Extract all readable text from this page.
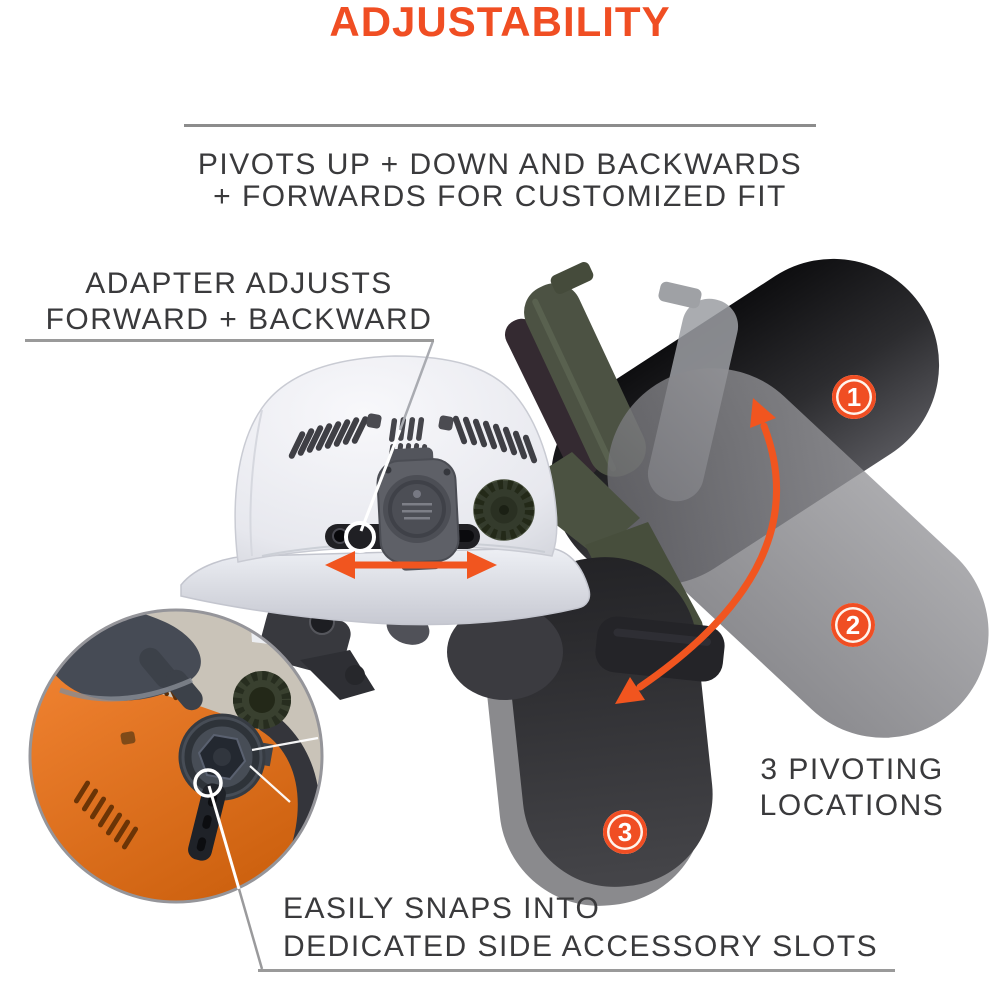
ADJUSTABILITY
PIVOTS UP + DOWN AND BACKWARDS
+ FORWARDS FOR CUSTOMIZED FIT
ADAPTER ADJUSTS
FORWARD + BACKWARD
3 PIVOTING
LOCATIONS
EASILY SNAPS INTO
DEDICATED SIDE ACCESSORY SLOTS
1
2
3
